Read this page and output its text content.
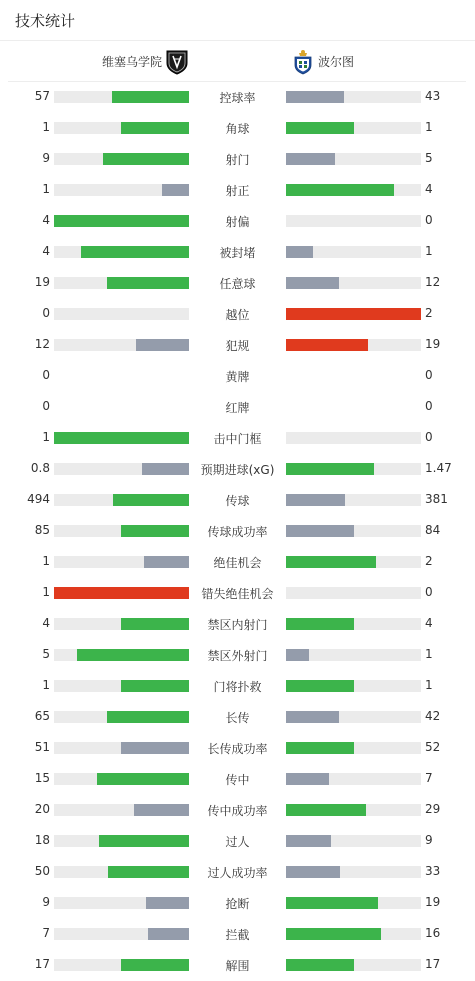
技术统计
维塞乌学院	波尔图
57	控球率	43
1	角球	1
9	射门	5
1	射正	4
4	射偏	0
4	被封堵	1
19	任意球	12
0	越位	2
12	犯规	19
0	黄牌	0
0	红牌	0
1	击中门框	0
0.8	预期进球(xG)	1.47
494	传球	381
85	传球成功率	84
1	绝佳机会	2
1	错失绝佳机会	0
4	禁区内射门	4
5	禁区外射门	1
1	门将扑救	1
65	长传	42
51	长传成功率	52
15	传中	7
20	传中成功率	29
18	过人	9
50	过人成功率	33
9	抢断	19
7	拦截	16
17	解围	17
